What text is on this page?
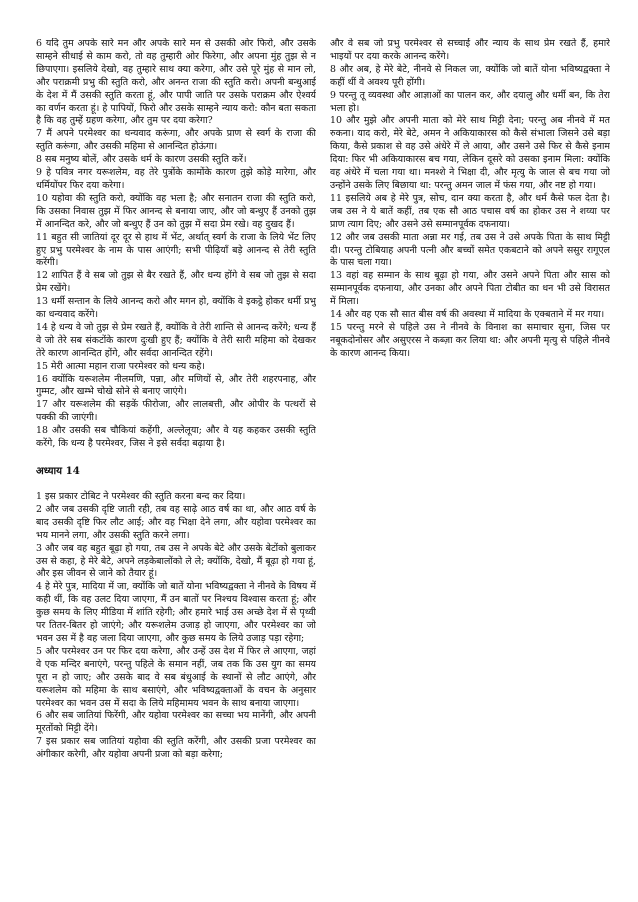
6 यदि तुम अपके सारे मन और अपके सारे मन से उसकी ओर फिरो, और उसके साम्हने सीधाई से काम करो, तो वह तुम्हारी ओर फिरेगा, और अपना मुंह तुझ से न छिपाएगा। इसलिये देखो, वह तुम्हारे साथ क्या करेगा, और उसे पूरे मुंह से मान लो, और पराक्रमी प्रभु की स्तुति करो, और अनन्त राजा की स्तुति करो। अपनी बन्धुआई के देश में मैं उसकी स्तुति करता हूं, और पापी जाति पर उसके पराक्रम और ऐश्वर्य का वर्णन करता हूं। हे पापियों, फिरो और उसके साम्हने न्याय करो: कौन बता सकता है कि वह तुम्हें ग्रहण करेगा, और तुम पर दया करेगा?

7 मैं अपने परमेश्वर का धन्यवाद करूंगा, और अपके प्राण से स्वर्ग के राजा की स्तुति करूंगा, और उसकी महिमा से आनन्दित होऊंगा।

8 सब मनुष्य बोलें, और उसके धर्म के कारण उसकी स्तुति करें।

9 हे पवित्र नगर यरूशलेम, वह तेरे पुत्रोंके कामोंके कारण तुझे कोड़े मारेगा, और धर्मियोंपर फिर दया करेगा।

10 यहोवा की स्तुति करो, क्योंकि वह भला है; और सनातन राजा की स्तुति करो, कि उसका निवास तुझ में फिर आनन्द से बनाया जाए, और जो बन्धुए हैं उनको तुझ में आनन्दित करे, और जो बन्धुए हैं उन को तुझ में सदा प्रेम रखे। वह दुखद हैं।

11 बहुत सी जातियां दूर दूर से हाथ में भेंट, अर्थात् स्वर्ग के राजा के लिये भेंट लिए हुए प्रभु परमेश्वर के नाम के पास आएंगी; सभी पीढ़ियाँ बड़े आनन्द से तेरी स्तुति करेंगी।

12 शापित हैं वे सब जो तुझ से बैर रखते हैं, और धन्य होंगे वे सब जो तुझ से सदा प्रेम रखेंगे।

13 धर्मी सन्तान के लिये आनन्द करो और मगन हो, क्योंकि वे इकट्ठे होकर धर्मी प्रभु का धन्यवाद करेंगे।

14 हे धन्य वे जो तुझ से प्रेम रखते हैं, क्योंकि वे तेरी शान्ति से आनन्द करेंगे; धन्य हैं वे जो तेरे सब संकटोंके कारण दुःखी हुए हैं; क्योंकि वे तेरी सारी महिमा को देखकर तेरे कारण आनन्दित होंगे, और सर्वदा आनन्दित रहेंगे।

15 मेरी आत्मा महान राजा परमेश्वर को धन्य कहे।

16 क्योंकि यरूशलेम नीलमणि, पन्ना, और मणियों से, और तेरी शहरपनाह, और गुम्मट, और खम्भे चोखे सोने से बनाए जाएंगे।

17 और यरूशलेम की सड़कें फीरोजा, और लालबत्ती, और ओपीर के पत्थरों से पक्की की जाएंगी।

18 और उसकी सब चौकियां कहेंगी, अल्लेलूया; और वे यह कहकर उसकी स्तुति करेंगे, कि धन्य है परमेश्वर, जिस ने इसे सर्वदा बढ़ाया है।

अध्याय 14

1 इस प्रकार टोबिट ने परमेश्वर की स्तुति करना बन्द कर दिया।

2 और जब उसकी दृष्टि जाती रही, तब वह साढ़े आठ वर्ष का था, और आठ वर्ष के बाद उसकी दृष्टि फिर लौट आई; और वह भिक्षा देने लगा, और यहोवा परमेश्वर का भय मानने लगा, और उसकी स्तुति करने लगा।

3 और जब वह बहुत बूढ़ा हो गया, तब उस ने अपके बेटे और उसके बेटोंको बुलाकर उस से कहा, हे मेरे बेटे, अपने लड़केबालोंको ले ले; क्योंकि, देखो, मैं बूढ़ा हो गया हूं, और इस जीवन से जाने को तैयार हूं।

4 हे मेरे पुत्र, मादिया में जा, क्योंकि जो बातें योना भविष्यद्वक्ता ने नीनवे के विषय में कही थीं, कि वह उलट दिया जाएगा, मैं उन बातों पर निश्चय विश्वास करता हूं; और कुछ समय के लिए मीडिया में शांति रहेगी; और हमारे भाई उस अच्छे देश में से पृथ्वी पर तितर-बितर हो जाएंगे; और यरूशलेम उजाड़ हो जाएगा, और परमेश्वर का जो भवन उस में है वह जला दिया जाएगा, और कुछ समय के लिये उजाड़ पड़ा रहेगा;

5 और परमेश्वर उन पर फिर दया करेगा, और उन्हें उस देश में फिर ले आएगा, जहां वे एक मन्दिर बनाएंगे, परन्तु पहिले के समान नहीं, जब तक कि उस युग का समय पूरा न हो जाए; और उसके बाद वे सब बंधुआई के स्थानों से लौट आएंगे, और यरूशलेम को महिमा के साथ बसाएंगे, और भविष्यद्वक्ताओं के वचन के अनुसार परमेश्वर का भवन उस में सदा के लिये महिमामय भवन के साथ बनाया जाएगा।

6 और सब जातियां फिरेंगी, और यहोवा परमेश्वर का सच्चा भय मानेंगी, और अपनी मूरतोंको मिट्टी देंगे।

7 इस प्रकार सब जातियां यहोवा की स्तुति करेंगी, और उसकी प्रजा परमेश्वर का अंगीकार करेगी, और यहोवा अपनी प्रजा को बड़ा करेगा;

और वे सब जो प्रभु परमेश्वर से सच्चाई और न्याय के साथ प्रेम रखते हैं, हमारे भाइयों पर दया करके आनन्द करेंगे।

8 और अब, हे मेरे बेटे, नीनवे से निकल जा, क्योंकि जो बातें योना भविष्यद्वक्ता ने कहीं थीं वे अवश्य पूरी होंगी।

9 परन्तु तू व्यवस्था और आज्ञाओं का पालन कर, और दयालु और धर्मी बन, कि तेरा भला हो।

10 और मुझे और अपनी माता को मेरे साथ मिट्टी देना; परन्तु अब नीनवे में मत रुकना। याद करो, मेरे बेटे, अमन ने अकियाकारस को कैसे संभाला जिसने उसे बड़ा किया, कैसे प्रकाश से वह उसे अंधेरे में ले आया, और उसने उसे फिर से कैसे इनाम दिया: फिर भी अकियाकारस बच गया, लेकिन दूसरे को उसका इनाम मिला: क्योंकि वह अंधेरे में चला गया था। मनश्शे ने भिक्षा दी, और मृत्यु के जाल से बच गया जो उन्होंने उसके लिए बिछाया था: परन्तु अमन जाल में फंस गया, और नष्ट हो गया।

11 इसलिये अब हे मेरे पुत्र, सोच, दान क्या करता है, और धर्म कैसे फल देता है। जब उस ने ये बातें कहीं, तब एक सौ आठ पचास वर्ष का होकर उस ने शय्या पर प्राण त्याग दिए; और उसने उसे सम्मानपूर्वक दफनाया।

12 और जब उसकी माता अन्ना मर गई, तब उस ने उसे अपके पिता के साथ मिट्टी दी। परन्तु टोबियाह अपनी पत्नी और बच्चों समेत एकबटाने को अपने ससुर रागूएल के पास चला गया।

13 वहां वह सम्मान के साथ बूढ़ा हो गया, और उसने अपने पिता और सास को सम्मानपूर्वक दफनाया, और उनका और अपने पिता टोबीत का धन भी उसे विरासत में मिला।

14 और वह एक सौ सात बीस वर्ष की अवस्था में मादिया के एक्बताने में मर गया।

15 परन्तु मरने से पहिले उस ने नीनवे के विनाश का समाचार सुना, जिस पर नबूकदोनोसर और असुएरस ने कब्ज़ा कर लिया था: और अपनी मृत्यु से पहिले नीनवे के कारण आनन्द किया।
